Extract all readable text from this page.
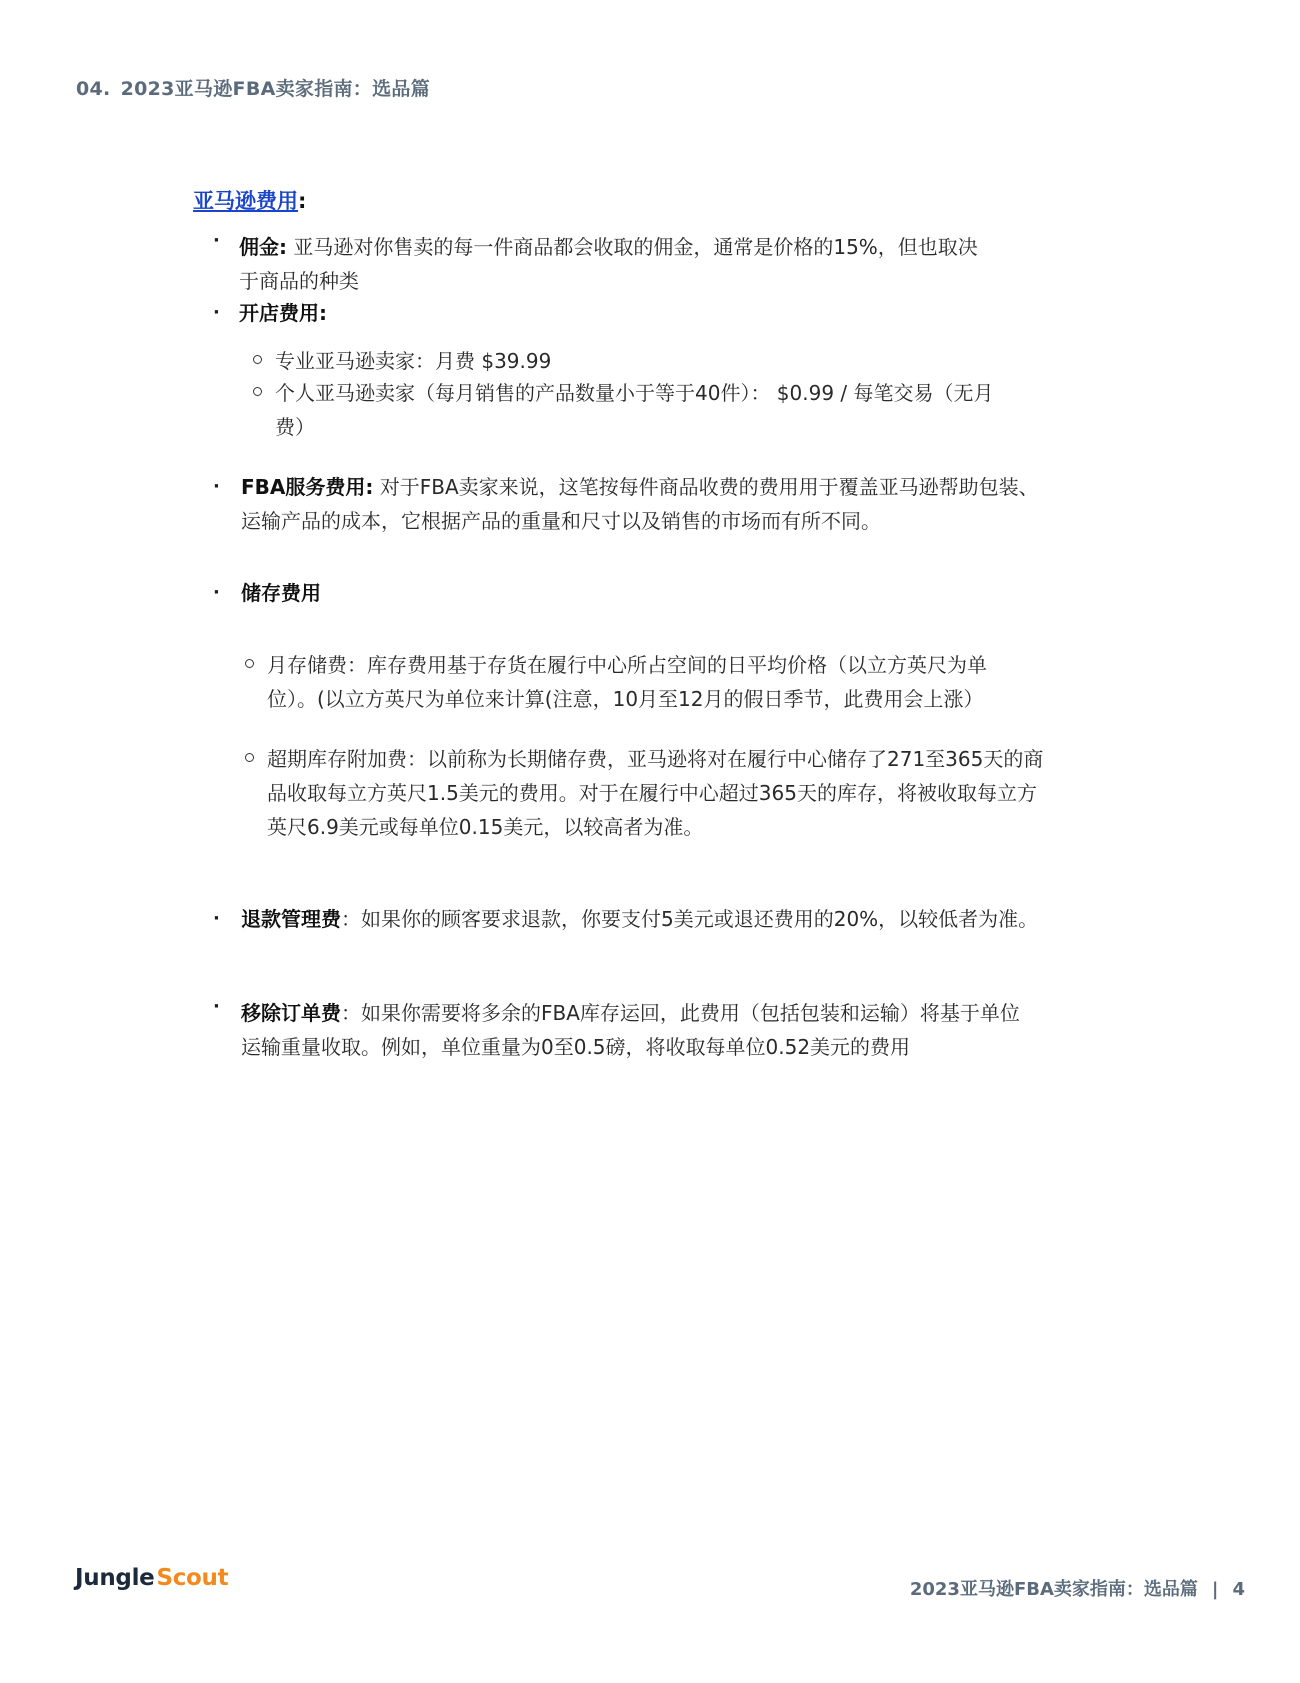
04. 2023亚马逊FBA卖家指南：选品篇
亚马逊费用:
· 佣金: 亚马逊对你售卖的每一件商品都会收取的佣金，通常是价格的15%，但也取决
于商品的种类
· 开店费用:
专业亚马逊卖家：月费 $39.99
个人亚马逊卖家（每月销售的产品数量小于等于40件）： $0.99 / 每笔交易（无月
费）
· FBA服务费用: 对于FBA卖家来说，这笔按每件商品收费的费用用于覆盖亚马逊帮助包装、
运输产品的成本，它根据产品的重量和尺寸以及销售的市场而有所不同。
· 储存费用
月存储费：库存费用基于存货在履行中心所占空间的日平均价格（以立方英尺为单
位）。(以立方英尺为单位来计算(注意，10月至12月的假日季节，此费用会上涨）
超期库存附加费：以前称为长期储存费，亚马逊将对在履行中心储存了271至365天的商
品收取每立方英尺1.5美元的费用。对于在履行中心超过365天的库存，将被收取每立方
英尺6.9美元或每单位0.15美元，以较高者为准。
· 退款管理费：如果你的顾客要求退款，你要支付5美元或退还费用的20%，以较低者为准。
· 移除订单费：如果你需要将多余的FBA库存运回，此费用（包括包装和运输）将基于单位
运输重量收取。例如，单位重量为0至0.5磅，将收取每单位0.52美元的费用
JungleScout	2023亚马逊FBA卖家指南：选品篇 | 4
